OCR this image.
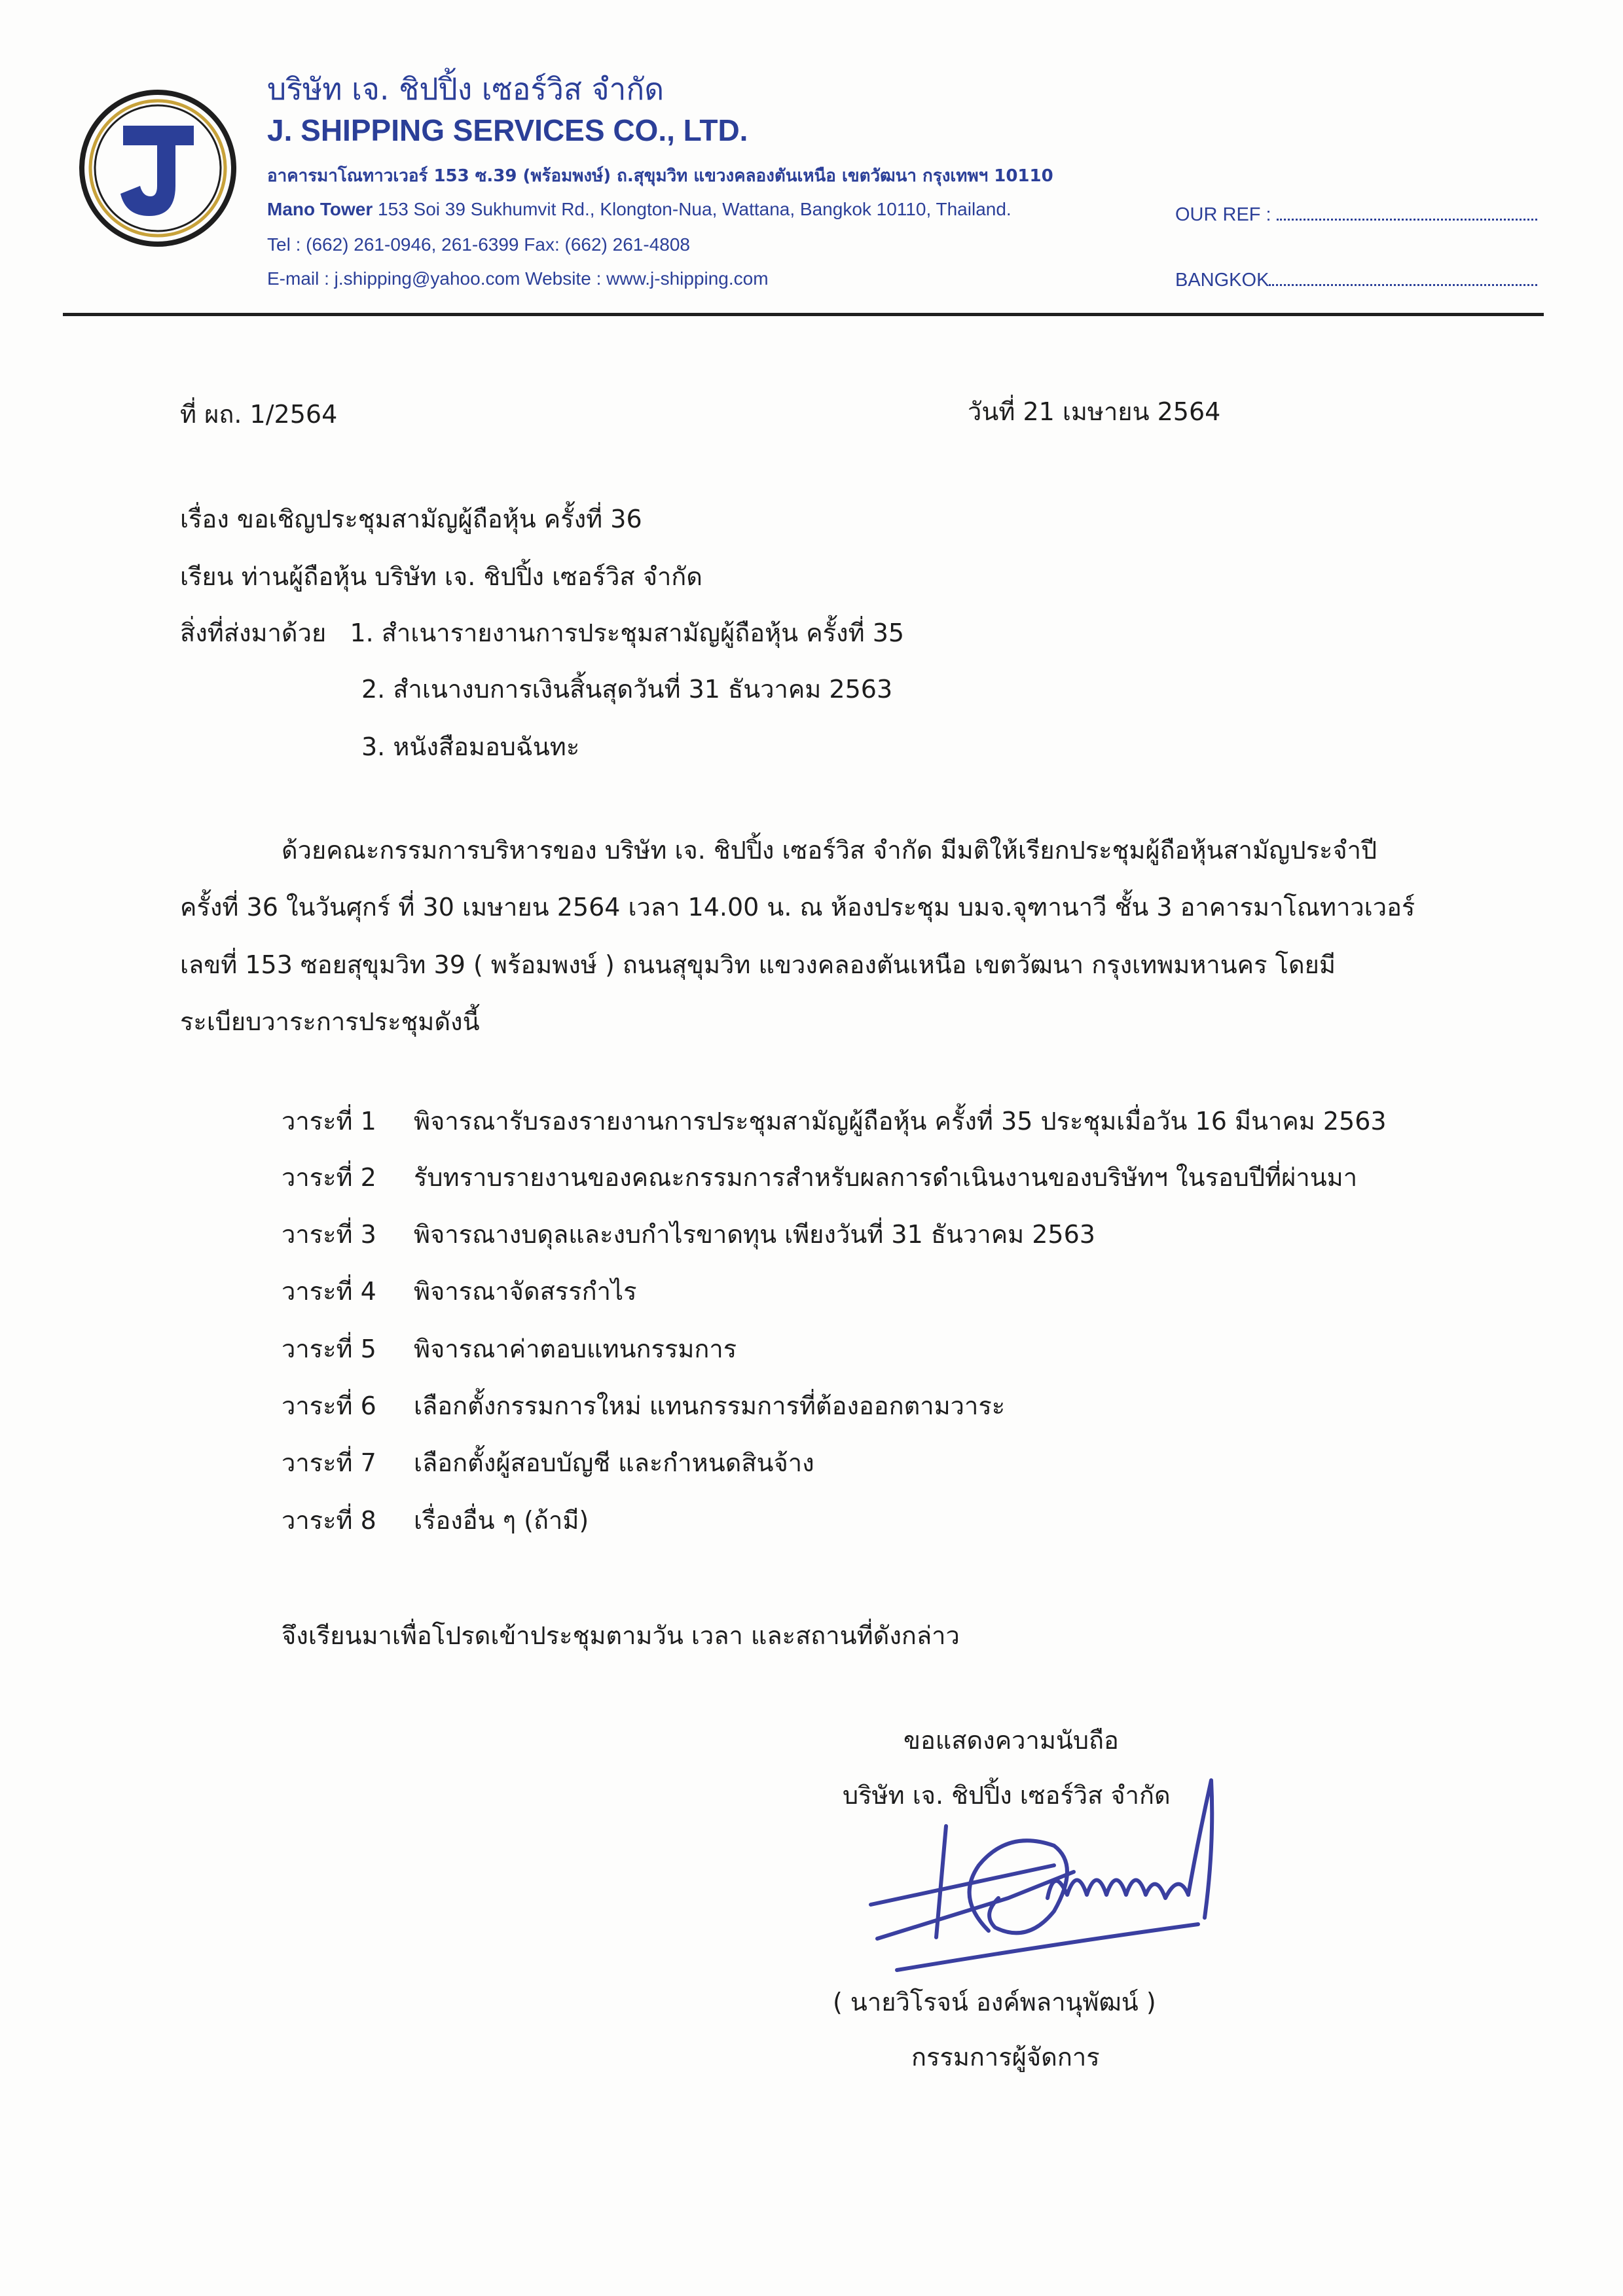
บริษัท เจ. ชิปปิ้ง เซอร์วิส จำกัด
J. SHIPPING SERVICES CO., LTD.
อาคารมาโณทาวเวอร์ 153 ซ.39 (พร้อมพงษ์) ถ.สุขุมวิท แขวงคลองตันเหนือ เขตวัฒนา กรุงเทพฯ 10110
Mano Tower 153 Soi 39 Sukhumvit Rd., Klongton-Nua, Wattana, Bangkok 10110, Thailand.
Tel : (662) 261-0946, 261-6399 Fax: (662) 261-4808
E-mail : j.shipping@yahoo.com Website : www.j-shipping.com
OUR REF :
BANGKOK
ที่ ผถ. 1/2564	วันที่ 21 เมษายน 2564
เรื่อง ขอเชิญประชุมสามัญผู้ถือหุ้น ครั้งที่ 36
เรียน ท่านผู้ถือหุ้น บริษัท เจ. ชิปปิ้ง เซอร์วิส จำกัด
สิ่งที่ส่งมาด้วย 1. สำเนารายงานการประชุมสามัญผู้ถือหุ้น ครั้งที่ 35
2. สำเนางบการเงินสิ้นสุดวันที่ 31 ธันวาคม 2563
3. หนังสือมอบฉันทะ
ด้วยคณะกรรมการบริหารของ บริษัท เจ. ชิปปิ้ง เซอร์วิส จำกัด มีมติให้เรียกประชุมผู้ถือหุ้นสามัญประจำปี
ครั้งที่ 36 ในวันศุกร์ ที่ 30 เมษายน 2564 เวลา 14.00 น. ณ ห้องประชุม บมจ.จุฑานาวี ชั้น 3 อาคารมาโณทาวเวอร์
เลขที่ 153 ซอยสุขุมวิท 39 ( พร้อมพงษ์ ) ถนนสุขุมวิท แขวงคลองตันเหนือ เขตวัฒนา กรุงเทพมหานคร โดยมี
ระเบียบวาระการประชุมดังนี้
วาระที่ 1 พิจารณารับรองรายงานการประชุมสามัญผู้ถือหุ้น ครั้งที่ 35 ประชุมเมื่อวัน 16 มีนาคม 2563
วาระที่ 2 รับทราบรายงานของคณะกรรมการสำหรับผลการดำเนินงานของบริษัทฯ ในรอบปีที่ผ่านมา
วาระที่ 3 พิจารณางบดุลและงบกำไรขาดทุน เพียงวันที่ 31 ธันวาคม 2563
วาระที่ 4 พิจารณาจัดสรรกำไร
วาระที่ 5 พิจารณาค่าตอบแทนกรรมการ
วาระที่ 6 เลือกตั้งกรรมการใหม่ แทนกรรมการที่ต้องออกตามวาระ
วาระที่ 7 เลือกตั้งผู้สอบบัญชี และกำหนดสินจ้าง
วาระที่ 8 เรื่องอื่น ๆ (ถ้ามี)
จึงเรียนมาเพื่อโปรดเข้าประชุมตามวัน เวลา และสถานที่ดังกล่าว
ขอแสดงความนับถือ
บริษัท เจ. ชิปปิ้ง เซอร์วิส จำกัด
( นายวิโรจน์ องค์พลานุพัฒน์ )
กรรมการผู้จัดการ
